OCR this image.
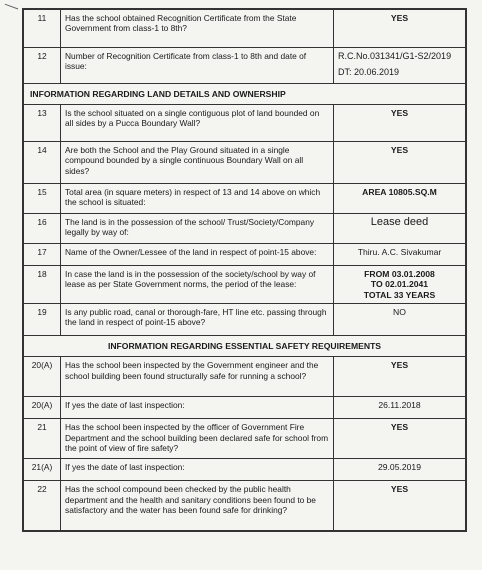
11	Has the school obtained Recognition Certificate from the State Government from class-1 to 8th?	YES
12	Number of Recognition Certificate from class-1 to 8th and date of issue:	R.C.No.031341/G1-S2/2019
DT: 20.06.2019

INFORMATION REGARDING LAND DETAILS AND OWNERSHIP		
13	Is the school situated on a single contiguous plot of land bounded on all sides by a Pucca Boundary Wall?	YES
14	Are both the School and the Play Ground situated in a single compound bounded by a single continuous Boundary Wall on all sides?	YES
15	Total area (in square meters) in respect of 13 and 14 above on which the school is situated:	AREA 10805.SQ.M
16	The land is in the possession of the school/ Trust/Society/Company legally by way of:	Lease deed
17	Name of the Owner/Lessee of the land in respect of point-15 above:	Thiru. A.C. Sivakumar
18	In case the land is in the possession of the society/school by way of lease as per State Government norms, the period of the lease:	FROM 03.01.2008
TO 02.01.2041
TOTAL 33 YEARS

19	Is any public road, canal or thorough-fare, HT line etc. passing through the land in respect of point-15 above?	NO
INFORMATION REGARDING ESSENTIAL SAFETY REQUIREMENTS		
20(A)	Has the school been inspected by the Government engineer and the school building been found structurally safe for running a school?	YES
20(A)	If yes the date of last inspection:	26.11.2018
21	Has the school been inspected by the officer of Government Fire Department and the school building been declared safe for school from the point of view of fire safety?	YES
21(A)	If yes the date of last inspection:	29.05.2019
22	Has the school compound been checked by the public health department and the health and sanitary conditions been found to be satisfactory and the water has been found safe for drinking?	YES
